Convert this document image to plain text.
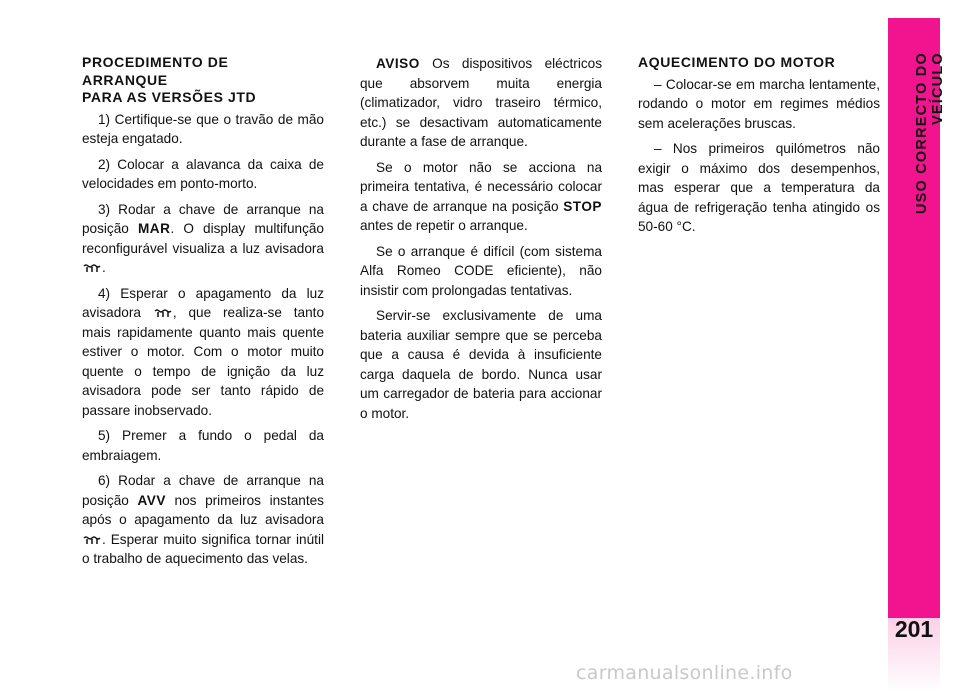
USO CORRECTO DO VEÍCULO
201
PROCEDIMENTO DE
ARRANQUE
PARA AS VERSÕES JTD

1) Certifique-se que o travão de mão esteja engatado.

2) Colocar a alavanca da caixa de velocidades em ponto-morto.

3) Rodar a chave de arranque na posição MAR. O display multifunção reconfigurável visualiza a luz avisadora .

4) Esperar o apagamento da luz avisadora , que realiza-se tanto mais rapidamente quanto mais quente estiver o motor. Com o motor muito quente o tempo de ignição da luz avisadora pode ser tanto rápido de passare inobservado.

5) Premer a fundo o pedal da embraiagem.

6) Rodar a chave de arranque na posição AVV nos primeiros instantes após o apagamento da luz avisadora . Esperar muito significa tornar inútil o trabalho de aquecimento das velas.

AVISO Os dispositivos eléctricos que absorvem muita energia (climatizador, vidro traseiro térmico, etc.) se desactivam automaticamente durante a fase de arranque.

Se o motor não se acciona na primeira tentativa, é necessário colocar a chave de arranque na posição STOP antes de repetir o arranque.

Se o arranque é difícil (com sistema Alfa Romeo CODE eficiente), não insistir com prolongadas tentativas.

Servir-se exclusivamente de uma bateria auxiliar sempre que se perceba que a causa é devida à insuficiente carga daquela de bordo. Nunca usar um carregador de bateria para accionar o motor.

AQUECIMENTO DO MOTOR

– Colocar-se em marcha lentamente, rodando o motor em regimes médios sem acelerações bruscas.

– Nos primeiros quilómetros não exigir o máximo dos desempenhos, mas esperar que a temperatura da água de refrigeração tenha atingido os 50-60 °C.

carmanualsonline.info
